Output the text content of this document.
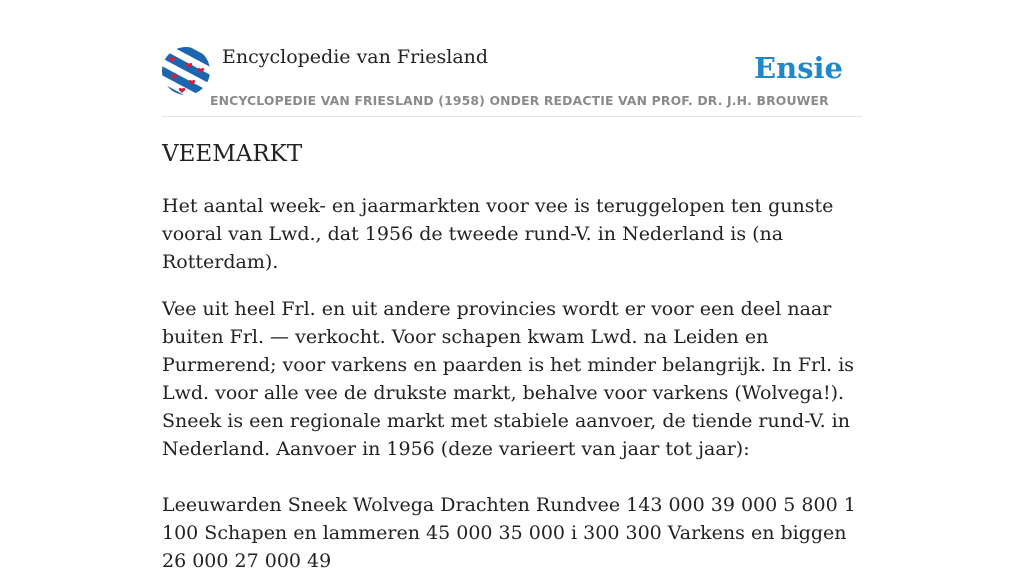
Encyclopedie van Friesland	Ensie
ENCYCLOPEDIE VAN FRIESLAND (1958) ONDER REDACTIE VAN PROF. DR. J.H. BROUWER
VEEMARKT

Het aantal week- en jaarmarkten voor vee is teruggelopen ten gunste vooral van Lwd., dat 1956 de tweede rund-V. in Nederland is (na Rotterdam).

Vee uit heel Frl. en uit andere provincies wordt er voor een deel naar buiten Frl. — verkocht. Voor schapen kwam Lwd. na Leiden en Purmerend; voor varkens en paarden is het minder belangrijk. In Frl. is Lwd. voor alle vee de drukste markt, behalve voor varkens (Wolvega!). Sneek is een regionale markt met stabiele aanvoer, de tiende rund-V. in Nederland. Aanvoer in 1956 (deze varieert van jaar tot jaar):

Leeuwarden Sneek Wolvega Drachten Rundvee 143 000 39 000 5 800 1 100 Schapen en lammeren 45 000 35 000 i 300 300 Varkens en biggen 26 000 27 000 49
